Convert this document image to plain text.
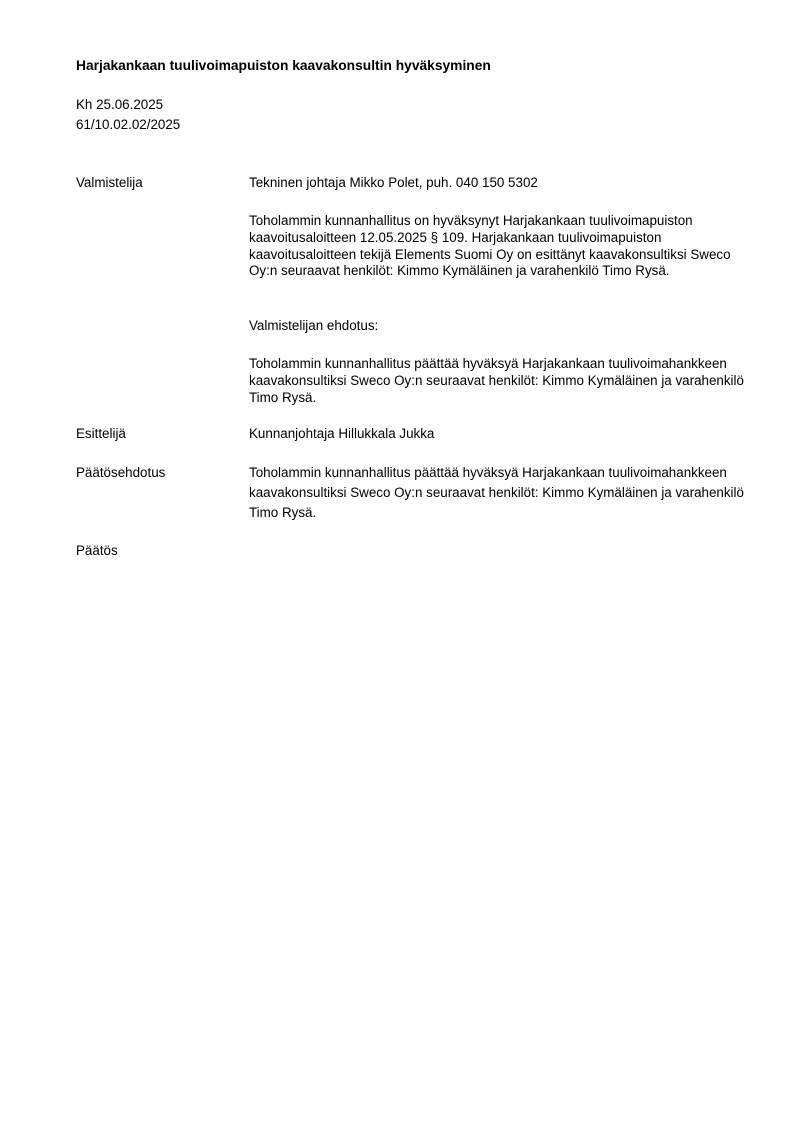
Harjakankaan tuulivoimapuiston kaavakonsultin hyväksyminen
Kh 25.06.2025
61/10.02.02/2025
Valmistelija	Tekninen johtaja Mikko Polet, puh. 040 150 5302
Toholammin kunnanhallitus on hyväksynyt Harjakankaan tuulivoimapuiston kaavoitusaloitteen 12.05.2025 § 109. Harjakankaan tuulivoimapuiston kaavoitusaloitteen tekijä Elements Suomi Oy on esittänyt kaavakonsultiksi Sweco Oy:n seuraavat henkilöt: Kimmo Kymäläinen ja varahenkilö Timo Rysä.
Valmistelijan ehdotus:
Toholammin kunnanhallitus päättää hyväksyä Harjakankaan tuulivoimahankkeen kaavakonsultiksi Sweco Oy:n seuraavat henkilöt: Kimmo Kymäläinen ja varahenkilö Timo Rysä.
Esittelijä	Kunnanjohtaja Hillukkala Jukka
Päätösehdotus	Toholammin kunnanhallitus päättää hyväksyä Harjakankaan tuulivoimahankkeen kaavakonsultiksi Sweco Oy:n seuraavat henkilöt: Kimmo Kymäläinen ja varahenkilö Timo Rysä.
Päätös
